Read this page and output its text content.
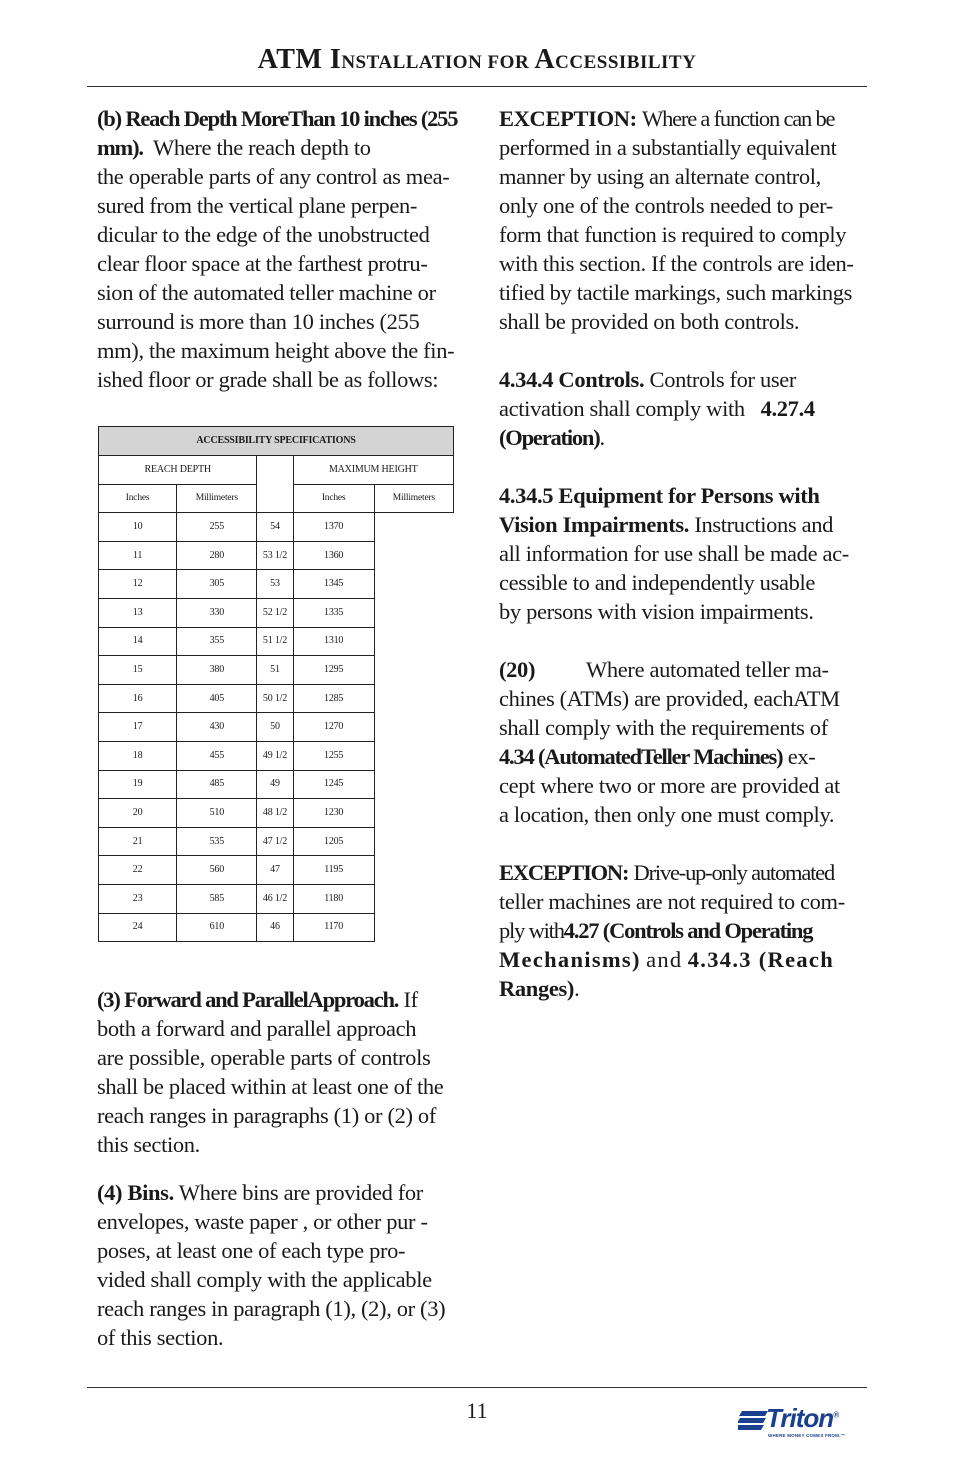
ATM INSTALLATION FOR ACCESSIBILITY

(b) Reach Depth MoreThan 10 inches (255 mm). Where the reach depth to

the operable parts of any control as mea-

sured from the vertical plane perpen-

dicular to the edge of the unobstructed

clear floor space at the farthest protru-

sion of the automated teller machine or

surround is more than 10 inches (255

mm), the maximum height above the fin-

ished floor or grade shall be as follows:

ACCESSIBILITY SPECIFICATIONS				
REACH DEPTH			MAXIMUM HEIGHT	
Inches	Millimeters		Inches	Millimeters
10	255	54	1370	
11	280	53 1/2	1360	
12	305	53	1345	
13	330	52 1/2	1335	
14	355	51 1/2	1310	
15	380	51	1295	
16	405	50 1/2	1285	
17	430	50	1270	
18	455	49 1/2	1255	
19	485	49	1245	
20	510	48 1/2	1230	
21	535	47 1/2	1205	
22	560	47	1195	
23	585	46 1/2	1180	
24	610	46	1170	

(3) Forward and ParallelApproach. If

both a forward and parallel approach

are possible, operable parts of controls

shall be placed within at least one of the

reach ranges in paragraphs (1) or (2) of

this section.

(4) Bins. Where bins are provided for

envelopes, waste paper , or other pur -

poses, at least one of each type pro-

vided shall comply with the applicable

reach ranges in paragraph (1), (2), or (3)

of this section.

EXCEPTION: Where a function can be

performed in a substantially equivalent

manner by using an alternate control,

only one of the controls needed to per-

form that function is required to comply

with this section. If the controls are iden-

tified by tactile markings, such markings

shall be provided on both controls.

4.34.4 Controls. Controls for user

activation shall comply with 4.27.4

(Operation).

4.34.5 Equipment for Persons with Vision Impairments. Instructions and

all information for use shall be made ac-

cessible to and independently usable

by persons with vision impairments.

(20) Where automated teller ma-

chines (ATMs) are provided, eachATM

shall comply with the requirements of

4.34 (AutomatedTeller Machines) ex-

cept where two or more are provided at

a location, then only one must comply.

EXCEPTION: Drive-up-only automated

teller machines are not required to com-

ply with4.27 (Controls and Operating

Mechanisms) and 4.34.3 (Reach

Ranges).

11	Triton®
WHERE MONEY COMES FROM.™
